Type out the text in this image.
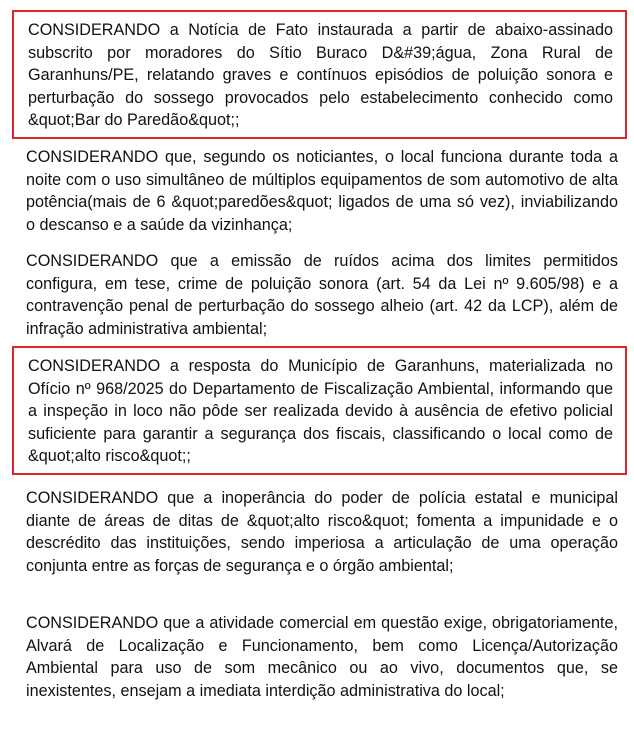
CONSIDERANDO a Notícia de Fato instaurada a partir de abaixo-assinado subscrito por moradores do Sítio Buraco D&#39;água, Zona Rural de Garanhuns/PE, relatando graves e contínuos episódios de poluição sonora e perturbação do sossego provocados pelo estabelecimento conhecido como &quot;Bar do Paredão&quot;;

CONSIDERANDO que, segundo os noticiantes, o local funciona durante toda a noite com o uso simultâneo de múltiplos equipamentos de som automotivo de alta potência(mais de 6 &quot;paredões&quot; ligados de uma só vez), inviabilizando o descanso e a saúde da vizinhança;

CONSIDERANDO que a emissão de ruídos acima dos limites permitidos configura, em tese, crime de poluição sonora (art. 54 da Lei nº 9.605/98) e a contravenção penal de perturbação do sossego alheio (art. 42 da LCP), além de infração administrativa ambiental;

CONSIDERANDO a resposta do Município de Garanhuns, materializada no Ofício nº 968/2025 do Departamento de Fiscalização Ambiental, informando que a inspeção in loco não pôde ser realizada devido à ausência de efetivo policial suficiente para garantir a segurança dos fiscais, classificando o local como de &quot;alto risco&quot;;

CONSIDERANDO que a inoperância do poder de polícia estatal e municipal diante de áreas de ditas de &quot;alto risco&quot; fomenta a impunidade e o descrédito das instituições, sendo imperiosa a articulação de uma operação conjunta entre as forças de segurança e o órgão ambiental;

CONSIDERANDO que a atividade comercial em questão exige, obrigatoriamente, Alvará de Localização e Funcionamento, bem como Licença/Autorização Ambiental para uso de som mecânico ou ao vivo, documentos que, se inexistentes, ensejam a imediata interdição administrativa do local;
